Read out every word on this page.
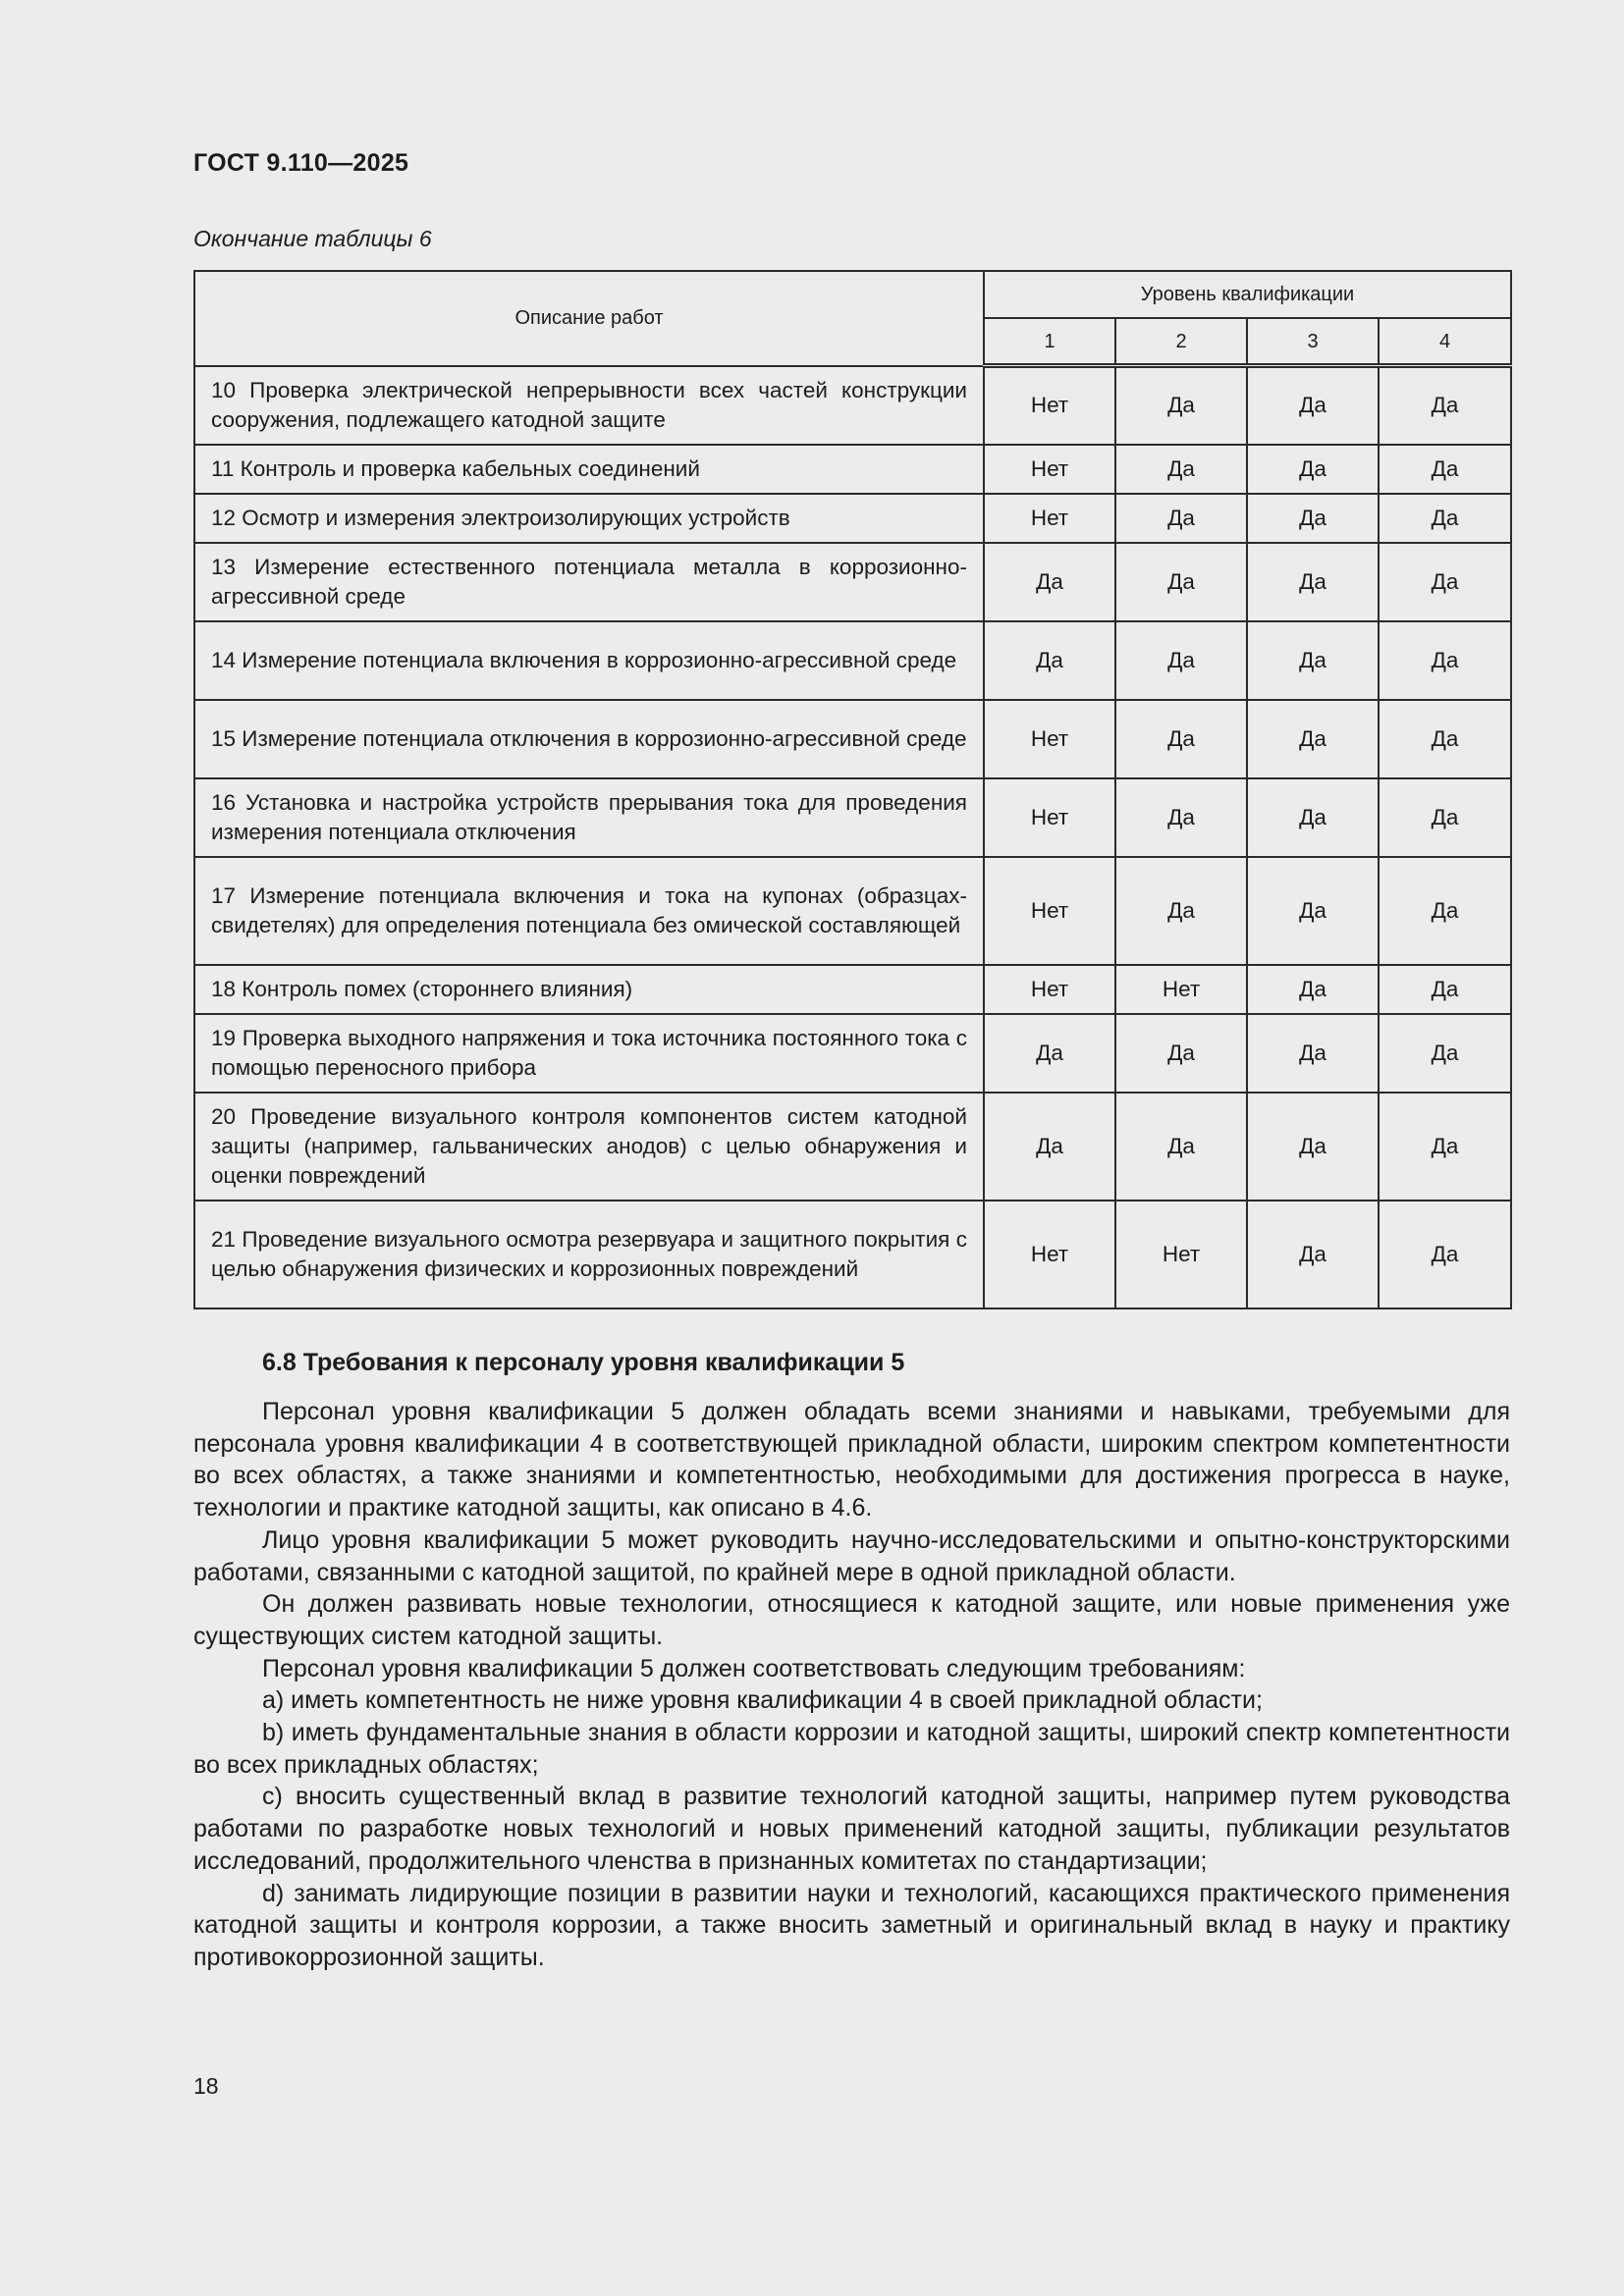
ГОСТ 9.110—2025
Окончание таблицы 6
Описание работ	Уровень квалификации			
	1	2	3	4
10 Проверка электрической непрерывности всех частей конструкции сооружения, подлежащего катодной защите	Нет	Да	Да	Да
11 Контроль и проверка кабельных соединений	Нет	Да	Да	Да
12 Осмотр и измерения электроизолирующих устройств	Нет	Да	Да	Да
13 Измерение естественного потенциала металла в коррозионно-агрессивной среде	Да	Да	Да	Да
14 Измерение потенциала включения в коррозионно-агрессивной среде	Да	Да	Да	Да
15 Измерение потенциала отключения в коррозионно-агрессивной среде	Нет	Да	Да	Да
16 Установка и настройка устройств прерывания тока для проведения измерения потенциала отключения	Нет	Да	Да	Да
17 Измерение потенциала включения и тока на купонах (образцах-свидетелях) для определения потенциала без омической составляющей	Нет	Да	Да	Да
18 Контроль помех (стороннего влияния)	Нет	Нет	Да	Да
19 Проверка выходного напряжения и тока источника постоянного тока с помощью переносного прибора	Да	Да	Да	Да
20 Проведение визуального контроля компонентов систем катодной защиты (например, гальванических анодов) с целью обнаружения и оценки повреждений	Да	Да	Да	Да
21 Проведение визуального осмотра резервуара и защитного покрытия с целью обнаружения физических и коррозионных повреждений	Нет	Нет	Да	Да
6.8 Требования к персоналу уровня квалификации 5

Персонал уровня квалификации 5 должен обладать всеми знаниями и навыками, требуемыми для персонала уровня квалификации 4 в соответствующей прикладной области, широким спектром компетентности во всех областях, а также знаниями и компетентностью, необходимыми для достижения прогресса в науке, технологии и практике катодной защиты, как описано в 4.6.

Лицо уровня квалификации 5 может руководить научно-исследовательскими и опытно-конструкторскими работами, связанными с катодной защитой, по крайней мере в одной прикладной области.

Он должен развивать новые технологии, относящиеся к катодной защите, или новые применения уже существующих систем катодной защиты.

Персонал уровня квалификации 5 должен соответствовать следующим требованиям:

a) иметь компетентность не ниже уровня квалификации 4 в своей прикладной области;

b) иметь фундаментальные знания в области коррозии и катодной защиты, широкий спектр компетентности во всех прикладных областях;

c) вносить существенный вклад в развитие технологий катодной защиты, например путем руководства работами по разработке новых технологий и новых применений катодной защиты, публикации результатов исследований, продолжительного членства в признанных комитетах по стандартизации;

d) занимать лидирующие позиции в развитии науки и технологий, касающихся практического применения катодной защиты и контроля коррозии, а также вносить заметный и оригинальный вклад в науку и практику противокоррозионной защиты.

18
